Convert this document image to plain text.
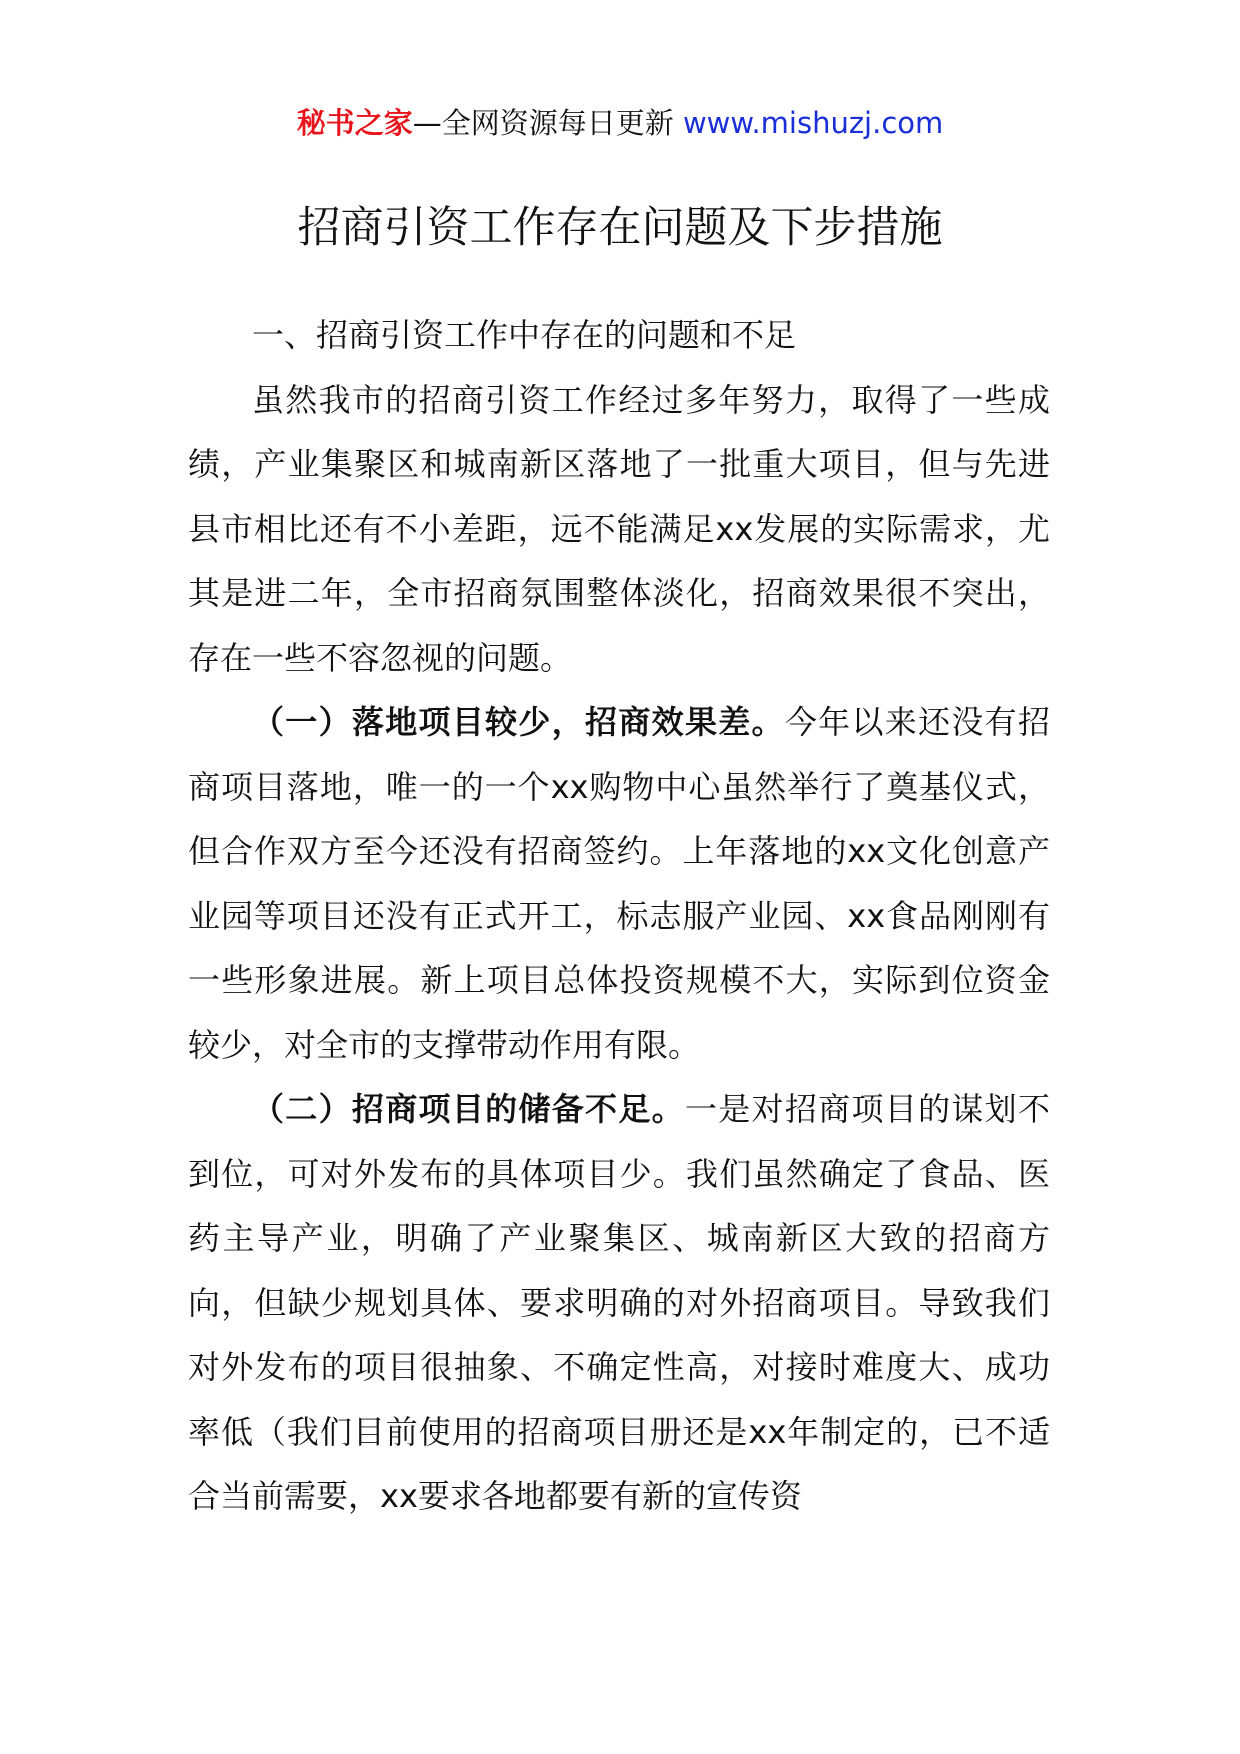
秘书之家—全网资源每日更新 www.mishuzj.com
招商引资工作存在问题及下步措施

一、招商引资工作中存在的问题和不足

虽然我市的招商引资工作经过多年努力，取得了一些成绩，产业集聚区和城南新区落地了一批重大项目，但与先进县市相比还有不小差距，远不能满足xx发展的实际需求，尤其是进二年，全市招商氛围整体淡化，招商效果很不突出，存在一些不容忽视的问题。

（一）落地项目较少，招商效果差。今年以来还没有招商项目落地，唯一的一个xx购物中心虽然举行了奠基仪式，但合作双方至今还没有招商签约。上年落地的xx文化创意产业园等项目还没有正式开工，标志服产业园、xx食品刚刚有一些形象进展。新上项目总体投资规模不大，实际到位资金较少，对全市的支撑带动作用有限。

（二）招商项目的储备不足。一是对招商项目的谋划不到位，可对外发布的具体项目少。我们虽然确定了食品、医药主导产业，明确了产业聚集区、城南新区大致的招商方向，但缺少规划具体、要求明确的对外招商项目。导致我们对外发布的项目很抽象、不确定性高，对接时难度大、成功率低（我们目前使用的招商项目册还是xx年制定的，已不适合当前需要，xx要求各地都要有新的宣传资
